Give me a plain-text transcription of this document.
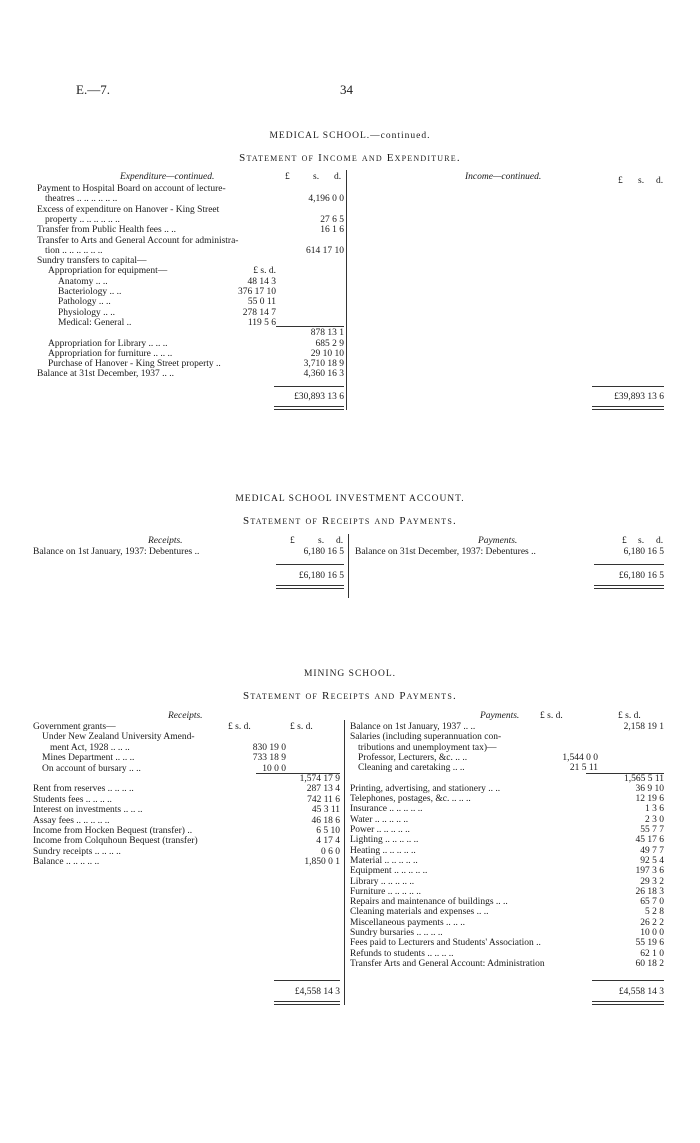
E.—7.	34
MEDICAL SCHOOL.—continued.
Statement of Income and Expenditure.
Expenditure—continued.	£ s. d.	Income—continued.	£ s. d.
Payment to Hospital Board on account of lecture-
theatres .. .. .. .. .. ..	4,196 0 0
Excess of expenditure on Hanover - King Street
property .. .. .. .. .. ..	27 6 5
Transfer from Public Health fees .. ..	16 1 6
Transfer to Arts and General Account for administra-
tion .. .. .. .. .. ..	614 17 10
Sundry transfers to capital—
Appropriation for equipment—	£ s. d.
Anatomy .. ..	48 14 3
Bacteriology .. ..	376 17 10
Pathology .. ..	55 0 11
Physiology .. ..	278 14 7
Medical: General ..	119 5 6
878 13 1
Appropriation for Library .. .. ..	685 2 9
Appropriation for furniture .. .. ..	29 10 10
Purchase of Hanover - King Street property ..	3,710 18 9
Balance at 31st December, 1937 .. ..	4,360 16 3
£30,893 13 6	£39,893 13 6
MEDICAL SCHOOL INVESTMENT ACCOUNT.
Statement of Receipts and Payments.
Receipts.	£ s. d.	Payments.	£ s. d.
Balance on 1st January, 1937: Debentures ..	6,180 16 5 Balance on 31st December, 1937: Debentures ..	6,180 16 5
£6,180 16 5	£6,180 16 5
MINING SCHOOL.
Statement of Receipts and Payments.
Receipts.
£ s. d.	£ s. d.
Payments. £ s. d.	£ s. d.
Government grants—
Under New Zealand University Amend-
ment Act, 1928 .. .. ..	830 19 0
Mines Department .. .. ..	733 18 9
On account of bursary .. ..	10 0 0
1,574 17 9
Rent from reserves .. .. .. ..	287 13 4
Students fees .. .. .. ..	742 11 6
Interest on investments .. .. ..	45 3 11
Assay fees .. .. .. .. ..	46 18 6
Income from Hocken Bequest (transfer) ..	6 5 10
Income from Colquhoun Bequest (transfer)	4 17 4
Sundry receipts .. .. .. ..	0 6 0
Balance .. .. .. .. ..	1,850 0 1
Balance on 1st January, 1937 .. ..	2,158 19 1
Salaries (including superannuation con-
tributions and unemployment tax)—
Professor, Lecturers, &c. .. ..	1,544 0 0
Cleaning and caretaking .. ..	21 5 11
1,565 5 11
Printing, advertising, and stationery .. ..	36 9 10
Telephones, postages, &c. .. .. ..	12 19 6
Insurance .. .. .. .. ..	1 3 6
Water .. .. .. .. ..	2 3 0
Power .. .. .. .. ..	55 7 7
Lighting .. .. .. .. ..	45 17 6
Heating .. .. .. .. ..	49 7 7
Material .. .. .. .. ..	92 5 4
Equipment .. .. .. .. ..	197 3 6
Library .. .. .. .. ..	29 3 2
Furniture .. .. .. .. ..	26 18 3
Repairs and maintenance of buildings .. ..	65 7 0
Cleaning materials and expenses .. ..	5 2 8
Miscellaneous payments .. .. ..	26 2 2
Sundry bursaries .. .. .. ..	10 0 0
Fees paid to Lecturers and Students' Association ..	55 19 6
Refunds to students .. .. .. ..	62 1 0
Transfer Arts and General Account: Administration	60 18 2
£4,558 14 3	£4,558 14 3
